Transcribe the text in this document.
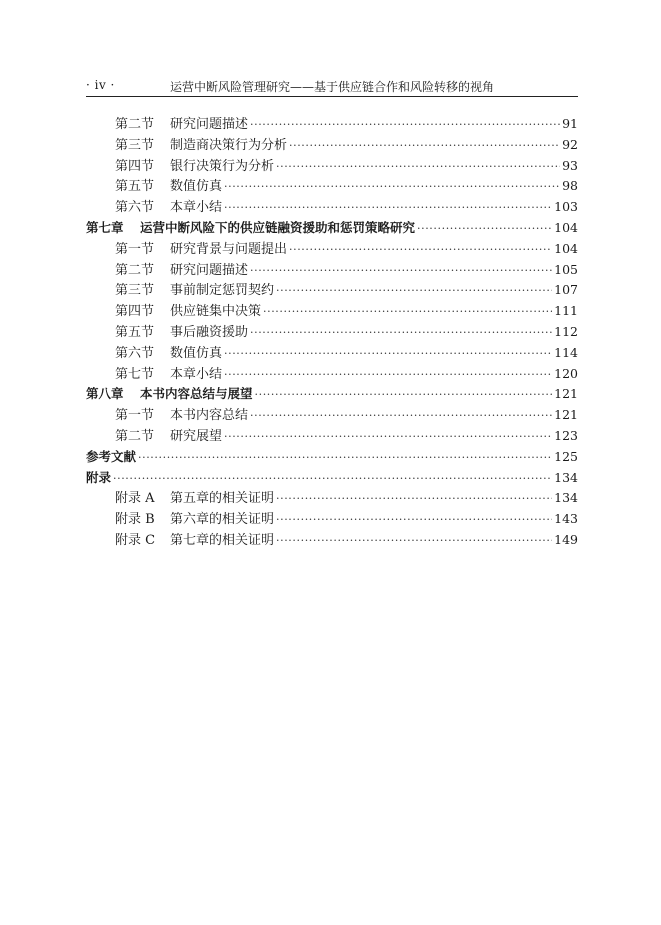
· iv ·	运营中断风险管理研究——基于供应链合作和风险转移的视角
第二节	研究问题描述 ·····	91
第三节	制造商决策行为分析 ·····	92
第四节	银行决策行为分析 ·····	93
第五节	数值仿真 ·····	98
第六节	本章小结 ·····	103
第七章	运营中断风险下的供应链融资援助和惩罚策略研究 ·····	104
第一节	研究背景与问题提出 ·····	104
第二节	研究问题描述 ·····	105
第三节	事前制定惩罚契约 ·····	107
第四节	供应链集中决策 ·····	111
第五节	事后融资援助 ·····	112
第六节	数值仿真 ·····	114
第七节	本章小结 ·····	120
第八章	本书内容总结与展望 ·····	121
第一节	本书内容总结 ·····	121
第二节	研究展望 ·····	123
参考文献 ·····	125
附录 ·····	134
附录 A	第五章的相关证明 ·····	134
附录 B	第六章的相关证明 ·····	143
附录 C	第七章的相关证明 ·····	149
